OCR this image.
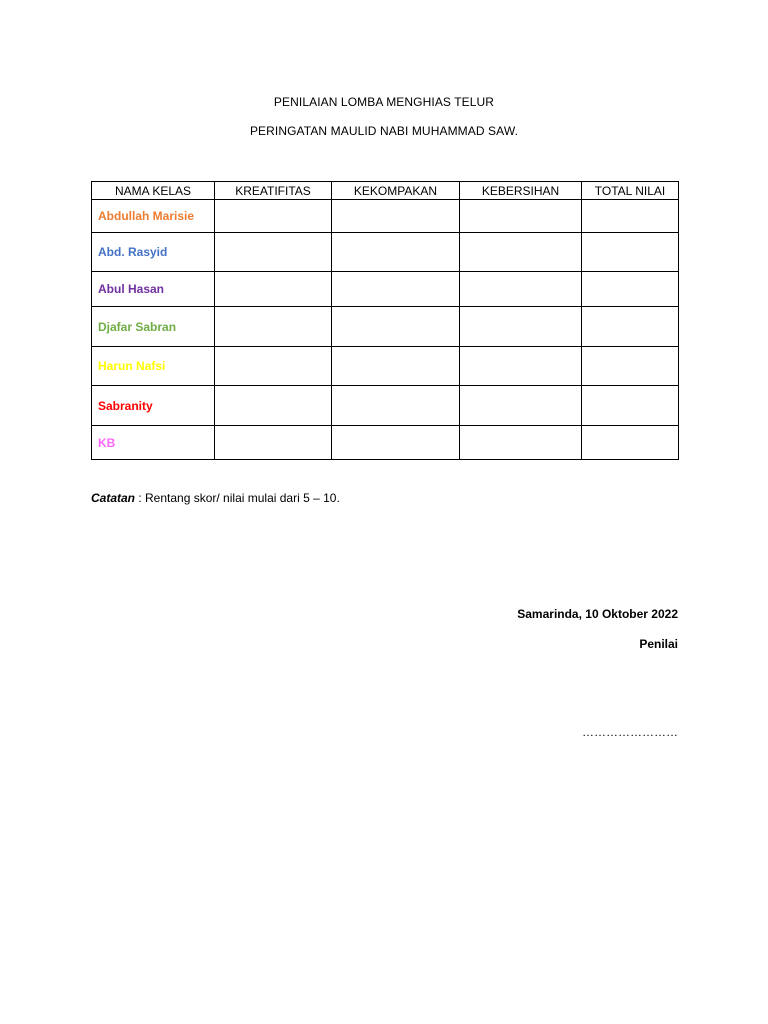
PENILAIAN LOMBA MENGHIAS TELUR
PERINGATAN MAULID NABI MUHAMMAD SAW.
NAMA KELAS	KREATIFITAS	KEKOMPAKAN	KEBERSIHAN	TOTAL NILAI
Abdullah Marisie				
Abd. Rasyid				
Abul Hasan				
Djafar Sabran				
Harun Nafsi				
Sabranity				
KB				
Catatan : Rentang skor/ nilai mulai dari 5 – 10.
Samarinda, 10 Oktober 2022
Penilai
……………………
